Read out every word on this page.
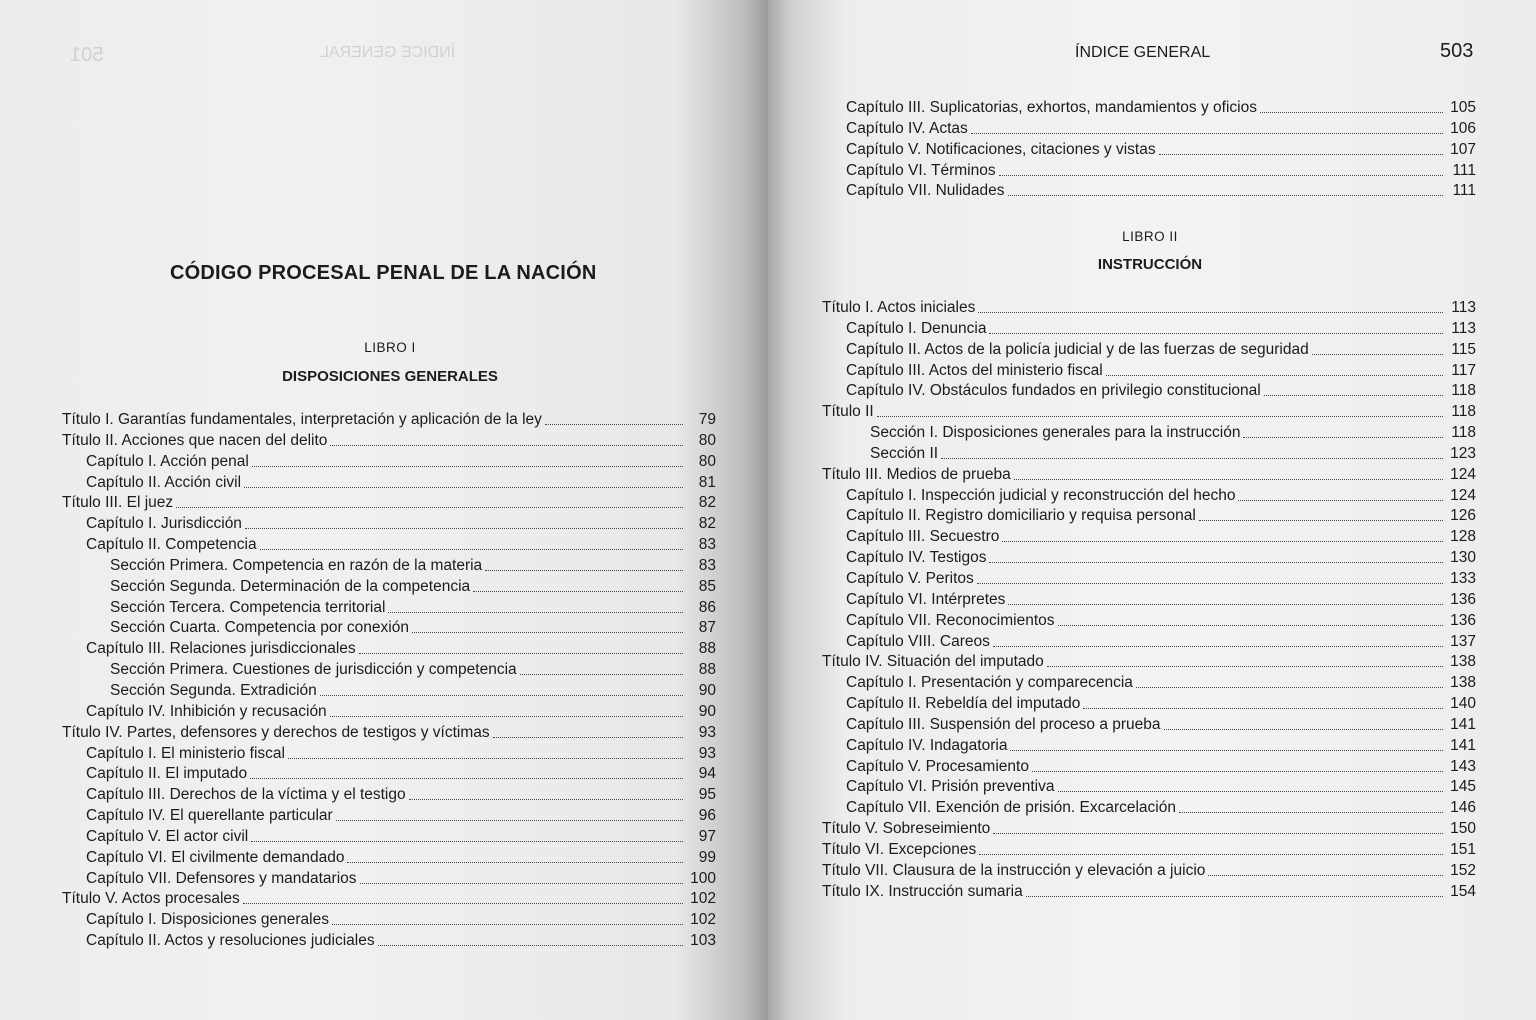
ÍNDICE GENERAL
501
CÓDIGO PROCESAL PENAL DE LA NACIÓN
LIBRO I
DISPOSICIONES GENERALES
Título I. Garantías fundamentales, interpretación y aplicación de la ley	79
Título II. Acciones que nacen del delito	80
Capítulo I. Acción penal	80
Capítulo II. Acción civil	81
Título III. El juez	82
Capítulo I. Jurisdicción	82
Capítulo II. Competencia	83
Sección Primera. Competencia en razón de la materia	83
Sección Segunda. Determinación de la competencia	85
Sección Tercera. Competencia territorial	86
Sección Cuarta. Competencia por conexión	87
Capítulo III. Relaciones jurisdiccionales	88
Sección Primera. Cuestiones de jurisdicción y competencia	88
Sección Segunda. Extradición	90
Capítulo IV. Inhibición y recusación	90
Título IV. Partes, defensores y derechos de testigos y víctimas	93
Capítulo I. El ministerio fiscal	93
Capítulo II. El imputado	94
Capítulo III. Derechos de la víctima y el testigo	95
Capítulo IV. El querellante particular	96
Capítulo V. El actor civil	97
Capítulo VI. El civilmente demandado	99
Capítulo VII. Defensores y mandatarios	100
Título V. Actos procesales	102
Capítulo I. Disposiciones generales	102
Capítulo II. Actos y resoluciones judiciales	103
ÍNDICE GENERAL	503
Capítulo III. Suplicatorias, exhortos, mandamientos y oficios	105
Capítulo IV. Actas	106
Capítulo V. Notificaciones, citaciones y vistas	107
Capítulo VI. Términos	111
Capítulo VII. Nulidades	111
LIBRO II
INSTRUCCIÓN
Título I. Actos iniciales	113
Capítulo I. Denuncia	113
Capítulo II. Actos de la policía judicial y de las fuerzas de seguridad	115
Capítulo III. Actos del ministerio fiscal	117
Capítulo IV. Obstáculos fundados en privilegio constitucional	118
Título II	118
Sección I. Disposiciones generales para la instrucción	118
Sección II	123
Título III. Medios de prueba	124
Capítulo I. Inspección judicial y reconstrucción del hecho	124
Capítulo II. Registro domiciliario y requisa personal	126
Capítulo III. Secuestro	128
Capítulo IV. Testigos	130
Capítulo V. Peritos	133
Capítulo VI. Intérpretes	136
Capítulo VII. Reconocimientos	136
Capítulo VIII. Careos	137
Título IV. Situación del imputado	138
Capítulo I. Presentación y comparecencia	138
Capítulo II. Rebeldía del imputado	140
Capítulo III. Suspensión del proceso a prueba	141
Capítulo IV. Indagatoria	141
Capítulo V. Procesamiento	143
Capítulo VI. Prisión preventiva	145
Capítulo VII. Exención de prisión. Excarcelación	146
Título V. Sobreseimiento	150
Título VI. Excepciones	151
Título VII. Clausura de la instrucción y elevación a juicio	152
Título IX. Instrucción sumaria	154
